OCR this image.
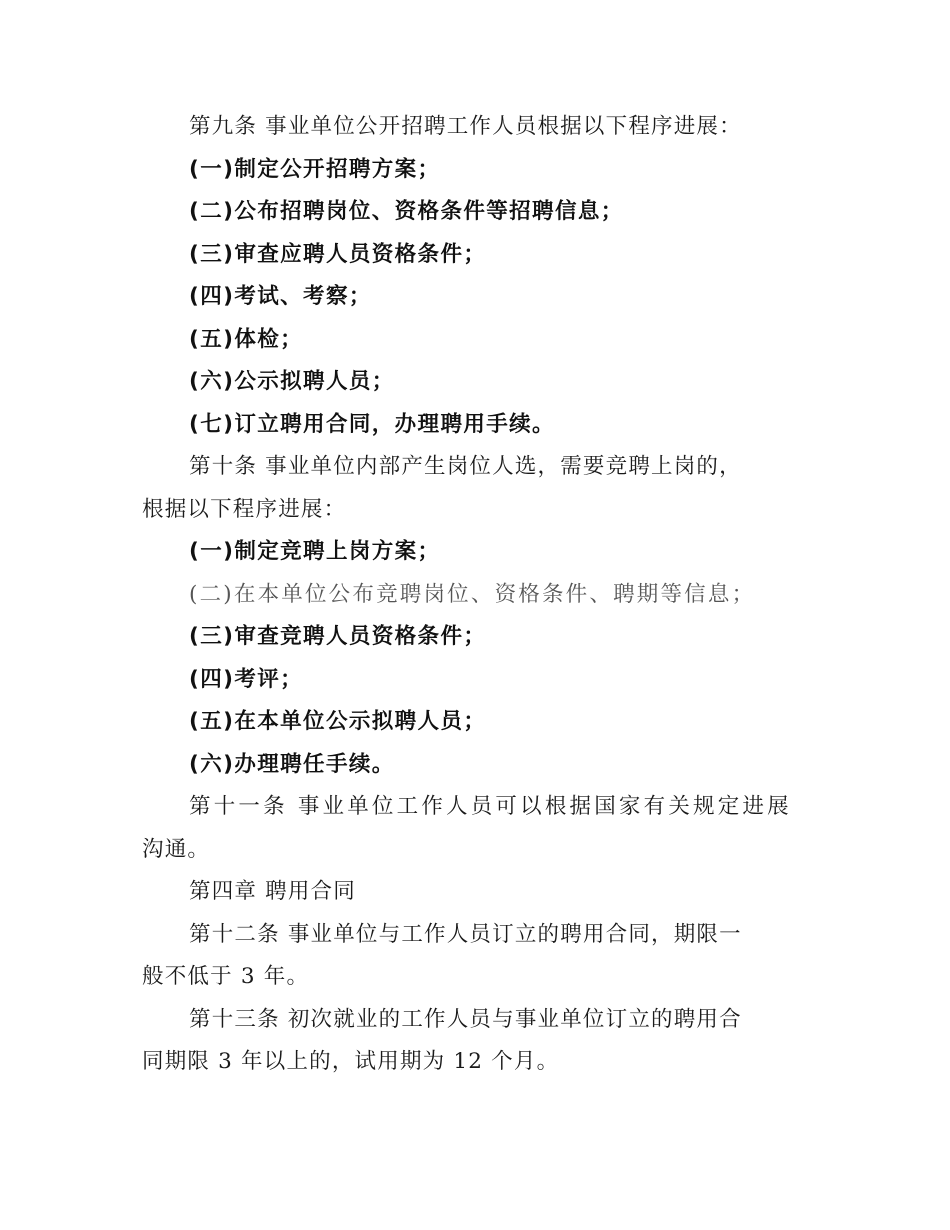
第九条 事业单位公开招聘工作人员根据以下程序进展：

(一)制定公开招聘方案；

(二)公布招聘岗位、资格条件等招聘信息；

(三)审查应聘人员资格条件；

(四)考试、考察；

(五)体检；

(六)公示拟聘人员；

(七)订立聘用合同，办理聘用手续。

第十条 事业单位内部产生岗位人选，需要竞聘上岗的，

根据以下程序进展：

(一)制定竞聘上岗方案；

(二)在本单位公布竞聘岗位、资格条件、聘期等信息；

(三)审查竞聘人员资格条件；

(四)考评；

(五)在本单位公示拟聘人员；

(六)办理聘任手续。

第十一条 事业单位工作人员可以根据国家有关规定进展

沟通。

第四章 聘用合同

第十二条 事业单位与工作人员订立的聘用合同，期限一

般不低于 3 年。

第十三条 初次就业的工作人员与事业单位订立的聘用合

同期限 3 年以上的，试用期为 12 个月。
